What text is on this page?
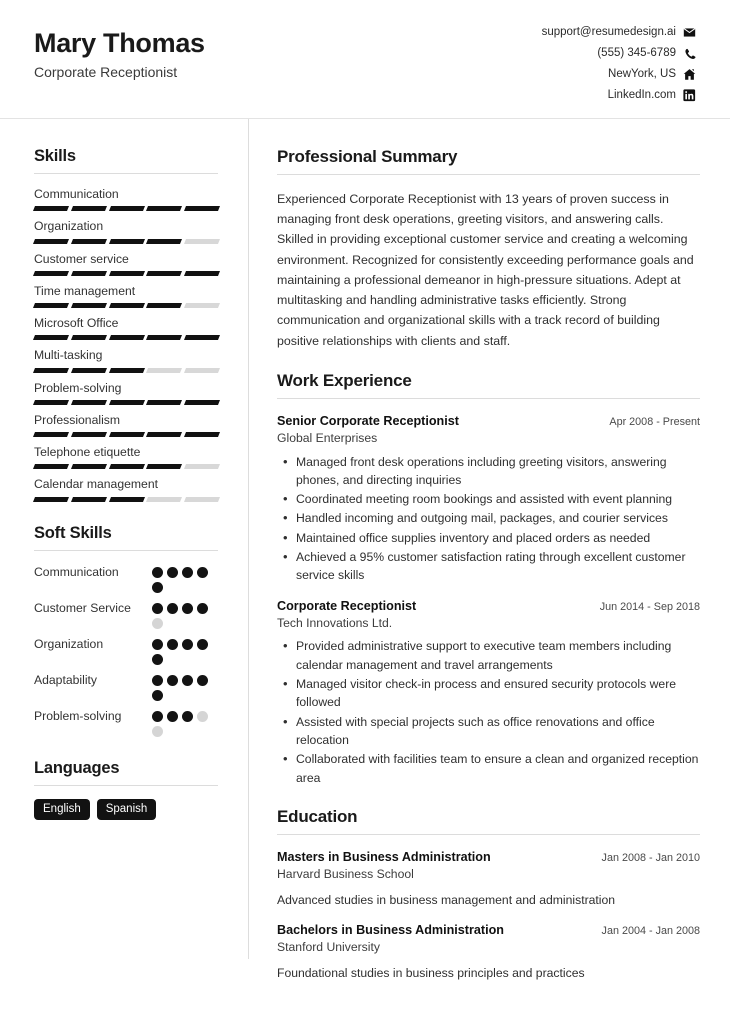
Mary Thomas
Corporate Receptionist
support@resumedesign.ai
(555) 345-6789
NewYork, US
LinkedIn.com
Skills
Communication
Organization
Customer service
Time management
Microsoft Office
Multi-tasking
Problem-solving
Professionalism
Telephone etiquette
Calendar management
Soft Skills
Communication
Customer Service
Organization
Adaptability
Problem-solving
Languages
English	Spanish
Professional Summary
Experienced Corporate Receptionist with 13 years of proven success in managing front desk operations, greeting visitors, and answering calls. Skilled in providing exceptional customer service and creating a welcoming environment. Recognized for consistently exceeding performance goals and maintaining a professional demeanor in high-pressure situations. Adept at multitasking and handling administrative tasks efficiently. Strong communication and organizational skills with a track record of building positive relationships with clients and staff.
Work Experience
Senior Corporate Receptionist	Apr 2008 - Present
Global Enterprises
• Managed front desk operations including greeting visitors, answering phones, and directing inquiries
• Coordinated meeting room bookings and assisted with event planning
• Handled incoming and outgoing mail, packages, and courier services
• Maintained office supplies inventory and placed orders as needed
• Achieved a 95% customer satisfaction rating through excellent customer service skills
Corporate Receptionist	Jun 2014 - Sep 2018
Tech Innovations Ltd.
• Provided administrative support to executive team members including calendar management and travel arrangements
• Managed visitor check-in process and ensured security protocols were followed
• Assisted with special projects such as office renovations and office relocation
• Collaborated with facilities team to ensure a clean and organized reception area
Education
Masters in Business Administration	Jan 2008 - Jan 2010
Harvard Business School
Advanced studies in business management and administration
Bachelors in Business Administration	Jan 2004 - Jan 2008
Stanford University
Foundational studies in business principles and practices
